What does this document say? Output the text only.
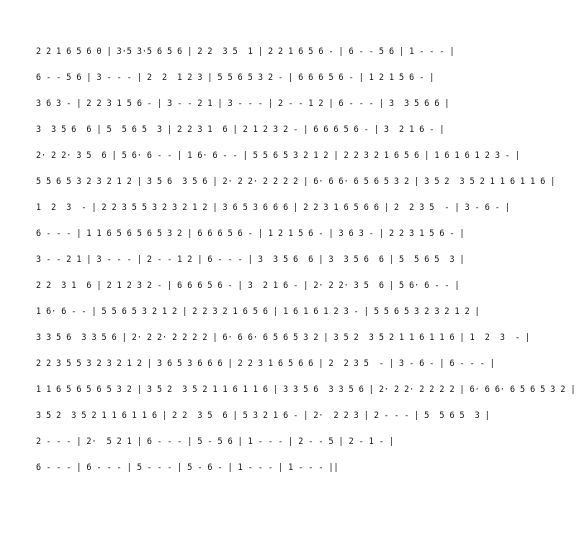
2 2 1 6 5 6 0 | 3·5 3·5 6 5 6 | 2 2  3 5  1 | 2 2 1 6 5 6 - | 6 - - 5 6 | 1 - - - |
6 - - 5 6 | 3 - - - | 2  2  1 2 3 | 5 5 6 5 3 2 - | 6 6 6 5 6 - | 1 2 1 5 6 - |
3 6 3 - | 2 2 3 1 5 6 - | 3 - - 2 1 | 3 - - - | 2 - - 1 2 | 6 - - - | 3  3 5 6 6 |
3  3 5 6  6 | 5  5 6 5  3 | 2 2 3 1  6 | 2 1 2 3 2 - | 6 6 6 5 6 - | 3  2 1 6 - |
2· 2 2· 3 5  6 | 5 6· 6 - - | 1 6· 6 - - | 5 5 6 5 3 2 1 2 | 2 2 3 2 1 6 5 6 | 1 6 1 6 1 2 3 - |
5 5 6 5 3 2 3 2 1 2 | 3 5 6  3 5 6 | 2· 2 2· 2 2 2 2 | 6· 6 6· 6 5 6 5 3 2 | 3 5 2  3 5 2 1 1 6 1 1 6 |
1  2  3  - | 2 2 3 5 5 3 2 3 2 1 2 | 3 6 5 3 6 6 6 | 2 2 3 1 6 5 6 6 | 2  2 3 5  - | 3 - 6 - |
6 - - - | 1 1 6 5 6 5 6 5 3 2 | 6 6 6 5 6 - | 1 2 1 5 6 - | 3 6 3 - | 2 2 3 1 5 6 - |
3 - - 2 1 | 3 - - - | 2 - - 1 2 | 6 - - - | 3  3 5 6  6 | 3  3 5 6  6 | 5  5 6 5  3 |
2 2  3 1  6 | 2 1 2 3 2 - | 6 6 6 5 6 - | 3  2 1 6 - | 2· 2 2· 3 5  6 | 5 6· 6 - - |
1 6· 6 - - | 5 5 6 5 3 2 1 2 | 2 2 3 2 1 6 5 6 | 1 6 1 6 1 2 3 - | 5 5 6 5 3 2 3 2 1 2 |
3 3 5 6  3 3 5 6 | 2· 2 2· 2 2 2 2 | 6· 6 6· 6 5 6 5 3 2 | 3 5 2  3 5 2 1 1 6 1 1 6 | 1  2  3  - |
2 2 3 5 5 3 2 3 2 1 2 | 3 6 5 3 6 6 6 | 2 2 3 1 6 5 6 6 | 2  2 3 5  - | 3 - 6 - | 6 - - - |
1 1 6 5 6 5 6 5 3 2 | 3 5 2  3 5 2 1 1 6 1 1 6 | 3 3 5 6  3 3 5 6 | 2· 2 2· 2 2 2 2 | 6· 6 6· 6 5 6 5 3 2 |
3 5 2  3 5 2 1 1 6 1 1 6 | 2 2  3 5  6 | 5 3 2 1 6 - | 2·  2 2 3 | 2 - - - | 5  5 6 5  3 |
2 - - - | 2·  5 2 1 | 6 - - - | 5 - 5 6 | 1 - - - | 2 - - 5 | 2 - 1 - |
6 - - - | 6 - - - | 5 - - - | 5 - 6 - | 1 - - - | 1 - - - ||
